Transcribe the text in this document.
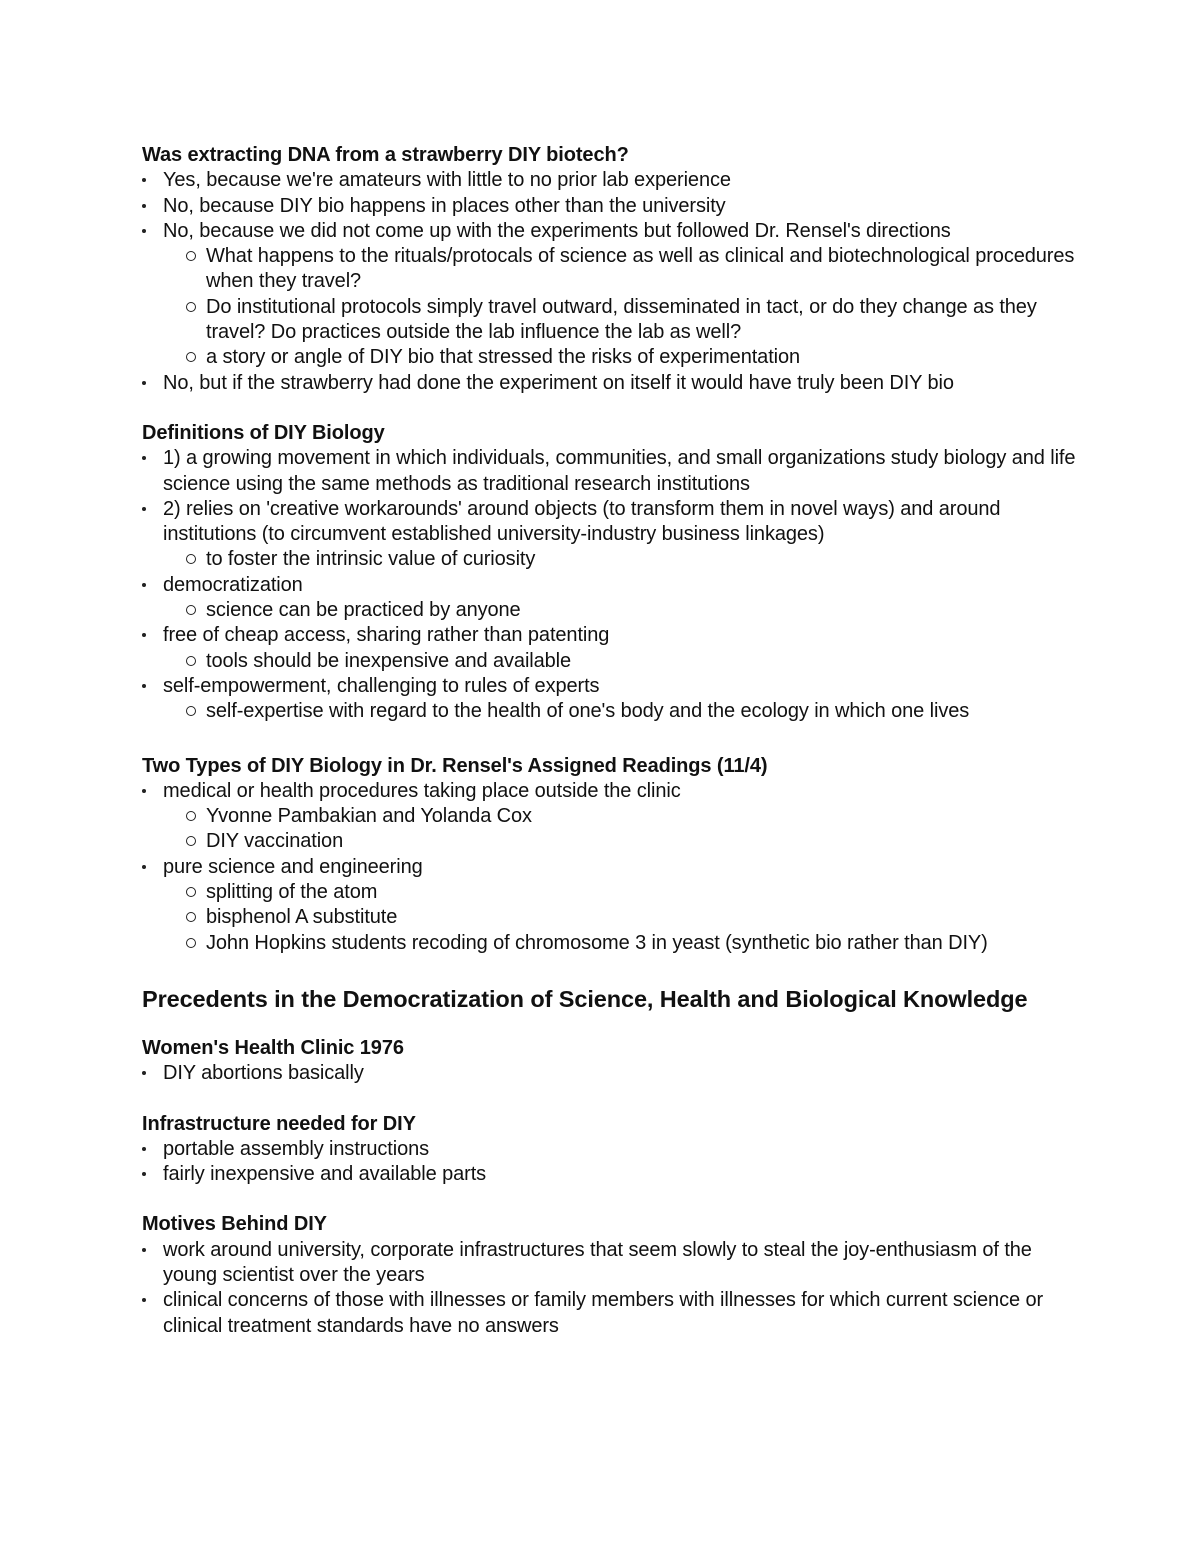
Was extracting DNA from a strawberry DIY biotech?

Yes, because we're amateurs with little to no prior lab experience
No, because DIY bio happens in places other than the university
No, because we did not come up with the experiments but followed Dr. Rensel's directions
What happens to the rituals/protocals of science as well as clinical and biotechnological procedures when they travel?
Do institutional protocols simply travel outward, disseminated in tact, or do they change as they travel? Do practices outside the lab influence the lab as well?
a story or angle of DIY bio that stressed the risks of experimentation
No, but if the strawberry had done the experiment on itself it would have truly been DIY bio

Definitions of DIY Biology

1) a growing movement in which individuals, communities, and small organizations study biology and life science using the same methods as traditional research institutions
2) relies on 'creative workarounds' around objects (to transform them in novel ways) and around institutions (to circumvent established university-industry business linkages)
to foster the intrinsic value of curiosity
democratization
science can be practiced by anyone
free of cheap access, sharing rather than patenting
tools should be inexpensive and available
self-empowerment, challenging to rules of experts
self-expertise with regard to the health of one's body and the ecology in which one lives

Two Types of DIY Biology in Dr. Rensel's Assigned Readings (11/4)

medical or health procedures taking place outside the clinic
Yvonne Pambakian and Yolanda Cox
DIY vaccination
pure science and engineering
splitting of the atom
bisphenol A substitute
John Hopkins students recoding of chromosome 3 in yeast (synthetic bio rather than DIY)

Precedents in the Democratization of Science, Health and Biological Knowledge

Women's Health Clinic 1976

DIY abortions basically

Infrastructure needed for DIY

portable assembly instructions
fairly inexpensive and available parts

Motives Behind DIY

work around university, corporate infrastructures that seem slowly to steal the joy-enthusiasm of the young scientist over the years
clinical concerns of those with illnesses or family members with illnesses for which current science or clinical treatment standards have no answers
